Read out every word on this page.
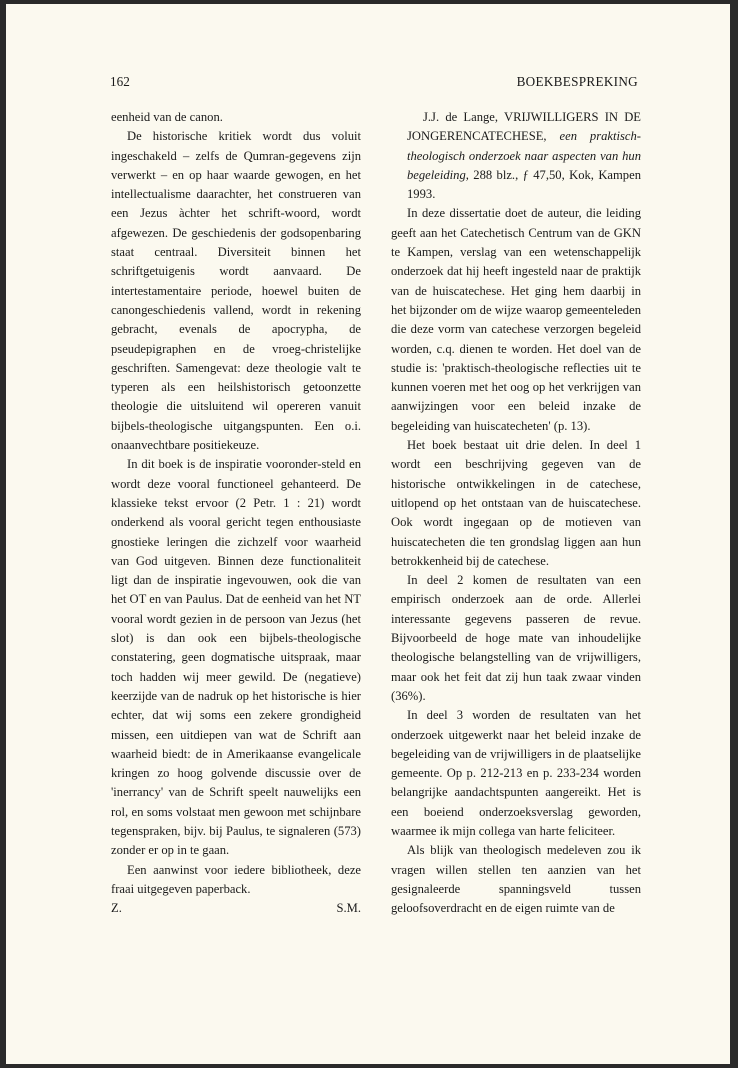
162	BOEKBESPREKING

eenheid van de canon.

De historische kritiek wordt dus voluit ingeschakeld – zelfs de Qumran-gegevens zijn verwerkt – en op haar waarde gewogen, en het intellectualisme daarachter, het construeren van een Jezus àchter het schrift-woord, wordt afgewezen. De geschiedenis der godsopenbaring staat centraal. Diversiteit binnen het schriftgetuigenis wordt aanvaard. De intertestamentaire periode, hoewel buiten de canongeschiedenis vallend, wordt in rekening gebracht, evenals de apocrypha, de pseudepigraphen en de vroeg-christelijke geschriften. Samengevat: deze theologie valt te typeren als een heilshistorisch getoonzette theologie die uitsluitend wil opereren vanuit bijbels-theologische uitgangspunten. Een o.i. onaanvechtbare positiekeuze.

In dit boek is de inspiratie vooronder-steld en wordt deze vooral functioneel gehanteerd. De klassieke tekst ervoor (2 Petr. 1 : 21) wordt onderkend als vooral gericht tegen enthousiaste gnostieke leringen die zichzelf voor waarheid van God uitgeven. Binnen deze functionaliteit ligt dan de inspiratie ingevouwen, ook die van het OT en van Paulus. Dat de eenheid van het NT vooral wordt gezien in de persoon van Jezus (het slot) is dan ook een bijbels-theologische constatering, geen dogmatische uitspraak, maar toch hadden wij meer gewild. De (negatieve) keerzijde van de nadruk op het historische is hier echter, dat wij soms een zekere grondigheid missen, een uitdiepen van wat de Schrift aan waarheid biedt: de in Amerikaanse evangelicale kringen zo hoog golvende discussie over de 'inerrancy' van de Schrift speelt nauwelijks een rol, en soms volstaat men gewoon met schijnbare tegenspraken, bijv. bij Paulus, te signaleren (573) zonder er op in te gaan.

Een aanwinst voor iedere bibliotheek, deze fraai uitgegeven paperback.

Z.	S.M.

J.J. de Lange, VRIJWILLIGERS IN DE JONGERENCATECHESE, een praktisch-theologisch onderzoek naar aspecten van hun begeleiding, 288 blz., ƒ 47,50, Kok, Kampen 1993.

In deze dissertatie doet de auteur, die leiding geeft aan het Catechetisch Centrum van de GKN te Kampen, verslag van een wetenschappelijk onderzoek dat hij heeft ingesteld naar de praktijk van de huiscatechese. Het ging hem daarbij in het bijzonder om de wijze waarop gemeenteleden die deze vorm van catechese verzorgen begeleid worden, c.q. dienen te worden. Het doel van de studie is: 'praktisch-theologische reflecties uit te kunnen voeren met het oog op het verkrijgen van aanwijzingen voor een beleid inzake de begeleiding van huiscatecheten' (p. 13).

Het boek bestaat uit drie delen. In deel 1 wordt een beschrijving gegeven van de historische ontwikkelingen in de catechese, uitlopend op het ontstaan van de huiscatechese. Ook wordt ingegaan op de motieven van huiscatecheten die ten grondslag liggen aan hun betrokkenheid bij de catechese.

In deel 2 komen de resultaten van een empirisch onderzoek aan de orde. Allerlei interessante gegevens passeren de revue. Bijvoorbeeld de hoge mate van inhoudelijke theologische belangstelling van de vrijwilligers, maar ook het feit dat zij hun taak zwaar vinden (36%).

In deel 3 worden de resultaten van het onderzoek uitgewerkt naar het beleid inzake de begeleiding van de vrijwilligers in de plaatselijke gemeente. Op p. 212-213 en p. 233-234 worden belangrijke aandachtspunten aangereikt. Het is een boeiend onderzoeksverslag geworden, waarmee ik mijn collega van harte feliciteer.

Als blijk van theologisch medeleven zou ik vragen willen stellen ten aanzien van het gesignaleerde spanningsveld tussen geloofsoverdracht en de eigen ruimte van de
